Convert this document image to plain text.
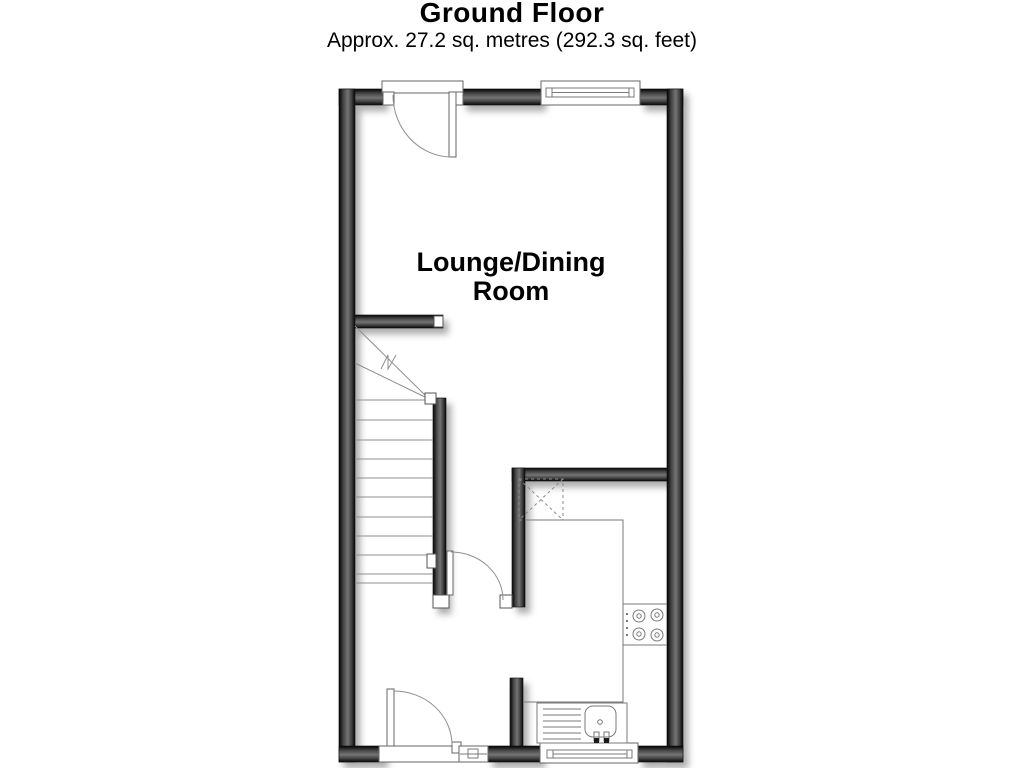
Ground Floor
Approx. 27.2 sq. metres (292.3 sq. feet)
Lounge/Dining
Room
